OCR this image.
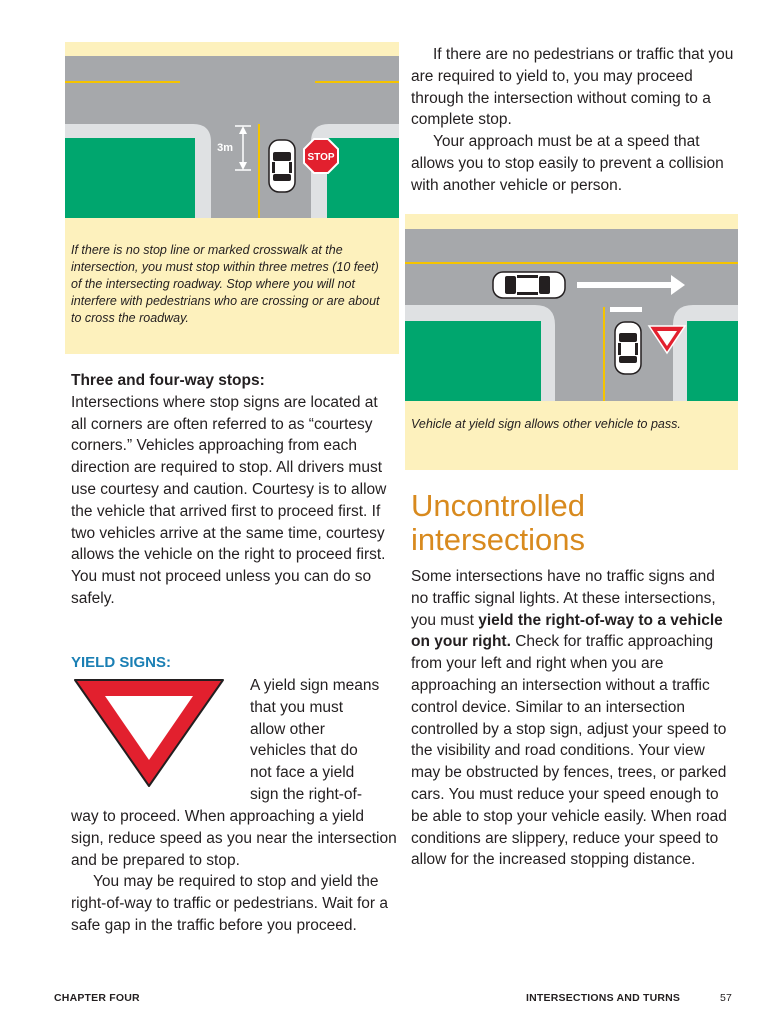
3m
STOP
If there is no stop line or marked crosswalk at the intersection, you must stop within three metres (10 feet) of the intersecting roadway. Stop where you will not interfere with pedestrians who are crossing or are about to cross the roadway.

Three and four-way stops:

Intersections where stop signs are located at all corners are often referred to as “courtesy corners.” Vehicles approaching from each direction are required to stop. All drivers must use courtesy and caution. Courtesy is to allow the vehicle that arrived first to proceed first. If two vehicles arrive at the same time, courtesy allows the vehicle on the right to proceed first. You must not proceed unless you can do so safely.

YIELD SIGNS:
A yield sign means that you must allow other vehicles that do not face a yield sign the right-of-

way to proceed. When approaching a yield sign, reduce speed as you near the intersection and be prepared to stop.

You may be required to stop and yield the right-of-way to traffic or pedestrians. Wait for a safe gap in the traffic before you proceed.

If there are no pedestrians or traffic that you are required to yield to, you may proceed through the intersection without coming to a complete stop.

Your approach must be at a speed that allows you to stop easily to prevent a collision with another vehicle or person.

Vehicle at yield sign allows other vehicle to pass.
Uncontrolled intersections

Some intersections have no traffic signs and no traffic signal lights. At these intersections, you must yield the right-of-way to a vehicle on your right. Check for traffic approaching from your left and right when you are approaching an intersection without a traffic control device. Similar to an intersection controlled by a stop sign, adjust your speed to the visibility and road conditions. Your view may be obstructed by fences, trees, or parked cars. You must reduce your speed enough to be able to stop your vehicle easily. When road conditions are slippery, reduce your speed to allow for the increased stopping distance.

CHAPTER FOUR	INTERSECTIONS AND TURNS	57
